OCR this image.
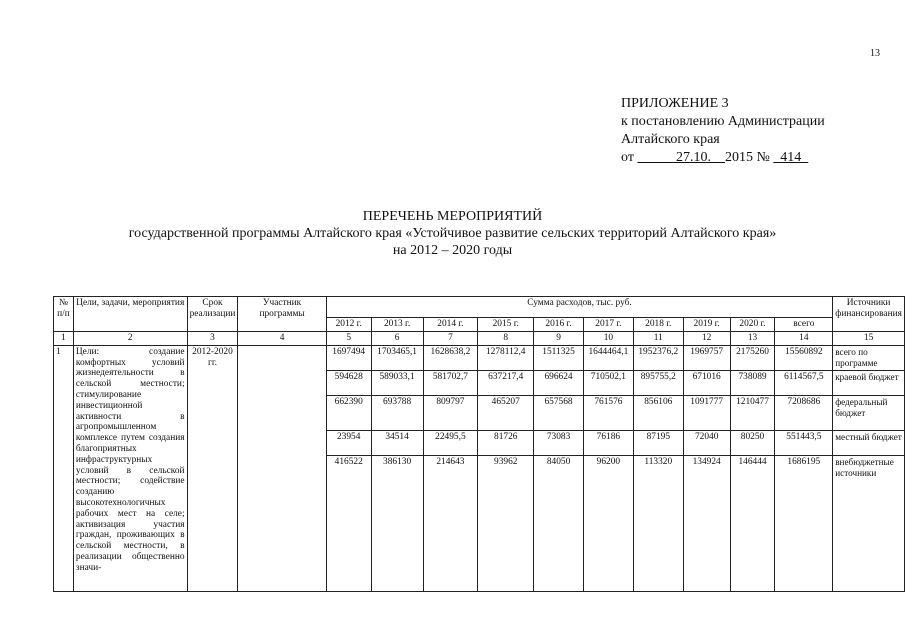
13
ПРИЛОЖЕНИЕ 3
к постановлению Администрации
Алтайского края
от	27.10. 2015 № 414
ПЕРЕЧЕНЬ МЕРОПРИЯТИЙ
государственной программы Алтайского края «Устойчивое развитие сельских территорий Алтайского края»
на 2012 – 2020 годы
№ п/п	Цели, задачи, мероприятия	Срок реализации	Участник программы	Сумма расходов, тыс. руб.										Источники финансирования
				2012 г.	2013 г.	2014 г.	2015 г.	2016 г.	2017 г.	2018 г.	2019 г.	2020 г.	всего	
1	2	3	4	5	6	7	8	9	10	11	12	13	14	15
1	Цели: создание комфортных условий жизнедеятельности в сельской местности; стимулирование инвестиционной активности в агропромышленном комплексе путем создания благоприятных инфраструктурных условий в сельской местности; содействие созданию высокотехнологичных рабочих мест на селе; активизация участия граждан, проживающих в сельской местности, в реализации общественно значи-	2012-2020 гг.		1697494	1703465,1	1628638,2	1278112,4	1511325	1644464,1	1952376,2	1969757	2175260	15560892	всего по программе
				594628	589033,1	581702,7	637217,4	696624	710502,1	895755,2	671016	738089	6114567,5	краевой бюджет
				662390	693788	809797	465207	657568	761576	856106	1091777	1210477	7208686	федеральный бюджет
				23954	34514	22495,5	81726	73083	76186	87195	72040	80250	551443,5	местный бюджет
				416522	386130	214643	93962	84050	96200	113320	134924	146444	1686195	внебюджетные источники
